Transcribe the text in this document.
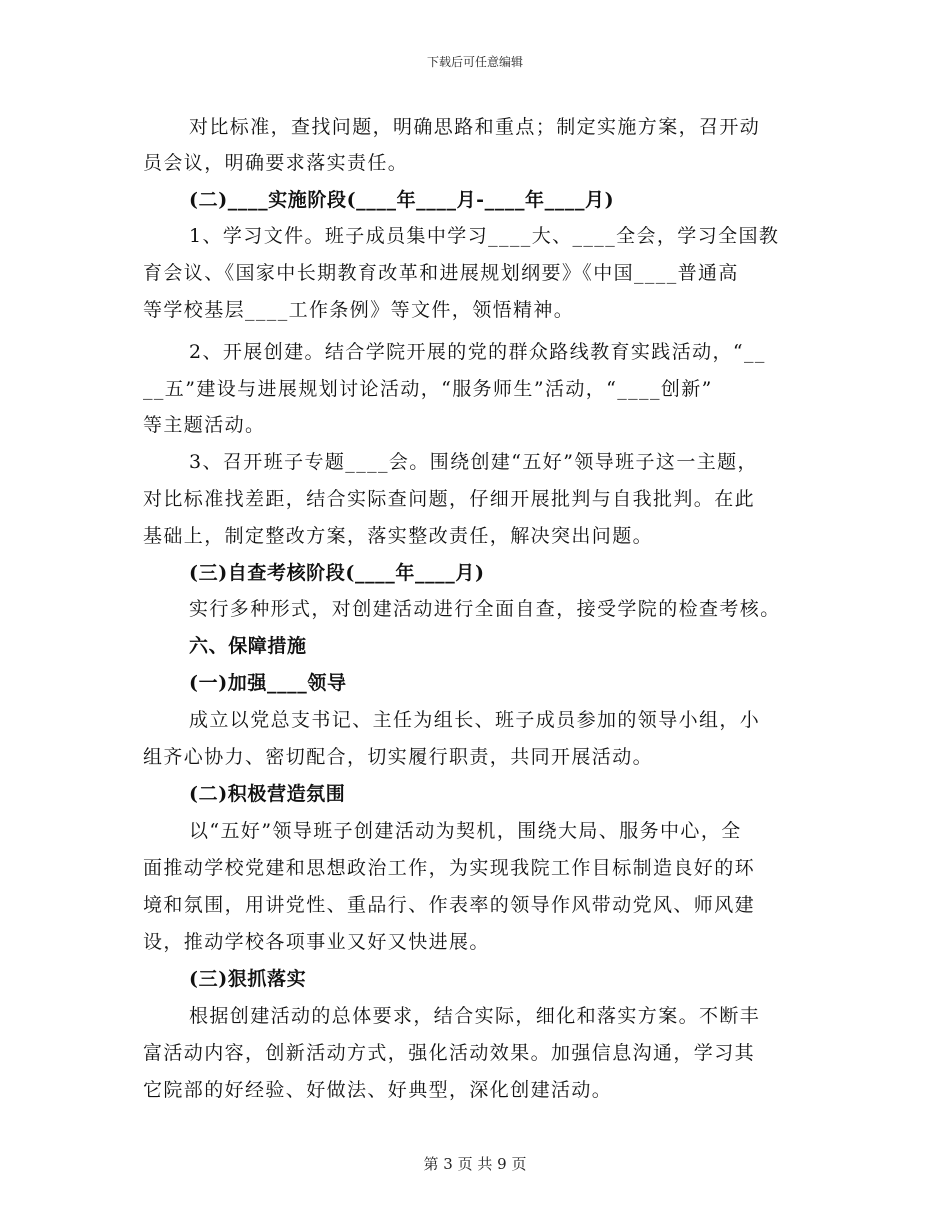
下载后可任意编辑
对比标准，查找问题，明确思路和重点；制定实施方案，召开动
员会议，明确要求落实责任。
(二)____实施阶段(____年____月-____年____月)
1、学习文件。班子成员集中学习____大、____全会，学习全国教
育会议、《国家中长期教育改革和进展规划纲要》《中国____普通高
等学校基层____工作条例》等文件，领悟精神。
2、开展创建。结合学院开展的党的群众路线教育实践活动，“__
__五”建设与进展规划讨论活动，“服务师生”活动，“____创新”
等主题活动。
3、召开班子专题____会。围绕创建“五好”领导班子这一主题，
对比标准找差距，结合实际查问题，仔细开展批判与自我批判。在此
基础上，制定整改方案，落实整改责任，解决突出问题。
(三)自查考核阶段(____年____月)
实行多种形式，对创建活动进行全面自查，接受学院的检查考核。
六、保障措施
(一)加强____领导
成立以党总支书记、主任为组长、班子成员参加的领导小组，小
组齐心协力、密切配合，切实履行职责，共同开展活动。
(二)积极营造氛围
以“五好”领导班子创建活动为契机，围绕大局、服务中心，全
面推动学校党建和思想政治工作，为实现我院工作目标制造良好的环
境和氛围，用讲党性、重品行、作表率的领导作风带动党风、师风建
设，推动学校各项事业又好又快进展。
(三)狠抓落实
根据创建活动的总体要求，结合实际，细化和落实方案。不断丰
富活动内容，创新活动方式，强化活动效果。加强信息沟通，学习其
它院部的好经验、好做法、好典型，深化创建活动。
第 3 页 共 9 页
